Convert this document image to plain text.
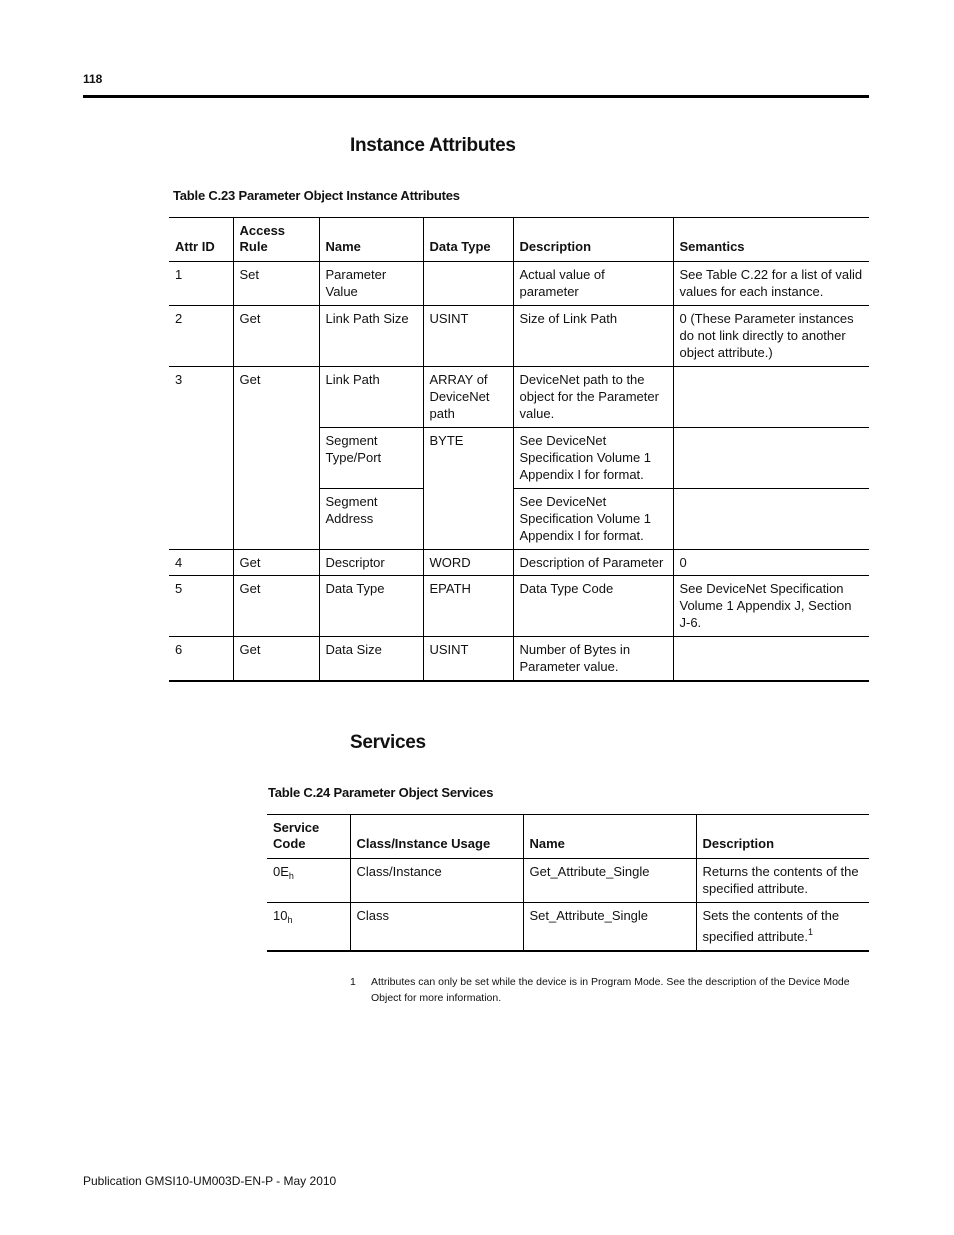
118
Instance Attributes
Table C.23 Parameter Object Instance Attributes
Attr ID	Access Rule	Name	Data Type	Description	Semantics
1	Set	Parameter Value		Actual value of parameter	See Table C.22 for a list of valid values for each instance.
2	Get	Link Path Size	USINT	Size of Link Path	0 (These Parameter instances do not link directly to another object attribute.)
3	Get	Link Path	ARRAY of DeviceNet path	DeviceNet path to the object for the Parameter value.	
		Segment Type/Port	BYTE	See DeviceNet Specification Volume 1 Appendix I for format.	
		Segment Address		See DeviceNet Specification Volume 1 Appendix I for format.	
4	Get	Descriptor	WORD	Description of Parameter	0
5	Get	Data Type	EPATH	Data Type Code	See DeviceNet Specification Volume 1 Appendix J, Section J-6.
6	Get	Data Size	USINT	Number of Bytes in Parameter value.	
Services
Table C.24 Parameter Object Services
Service Code	Class/Instance Usage	Name	Description
$0E_h$	Class/Instance	Get_Attribute_Single	Returns the contents of the specified attribute.
$10_h$	Class	Set_Attribute_Single	Sets the contents of the specified attribute.$^1$
1 Attributes can only be set while the device is in Program Mode. See the description of the Device Mode Object for more information.
Publication GMSI10-UM003D-EN-P - May 2010
